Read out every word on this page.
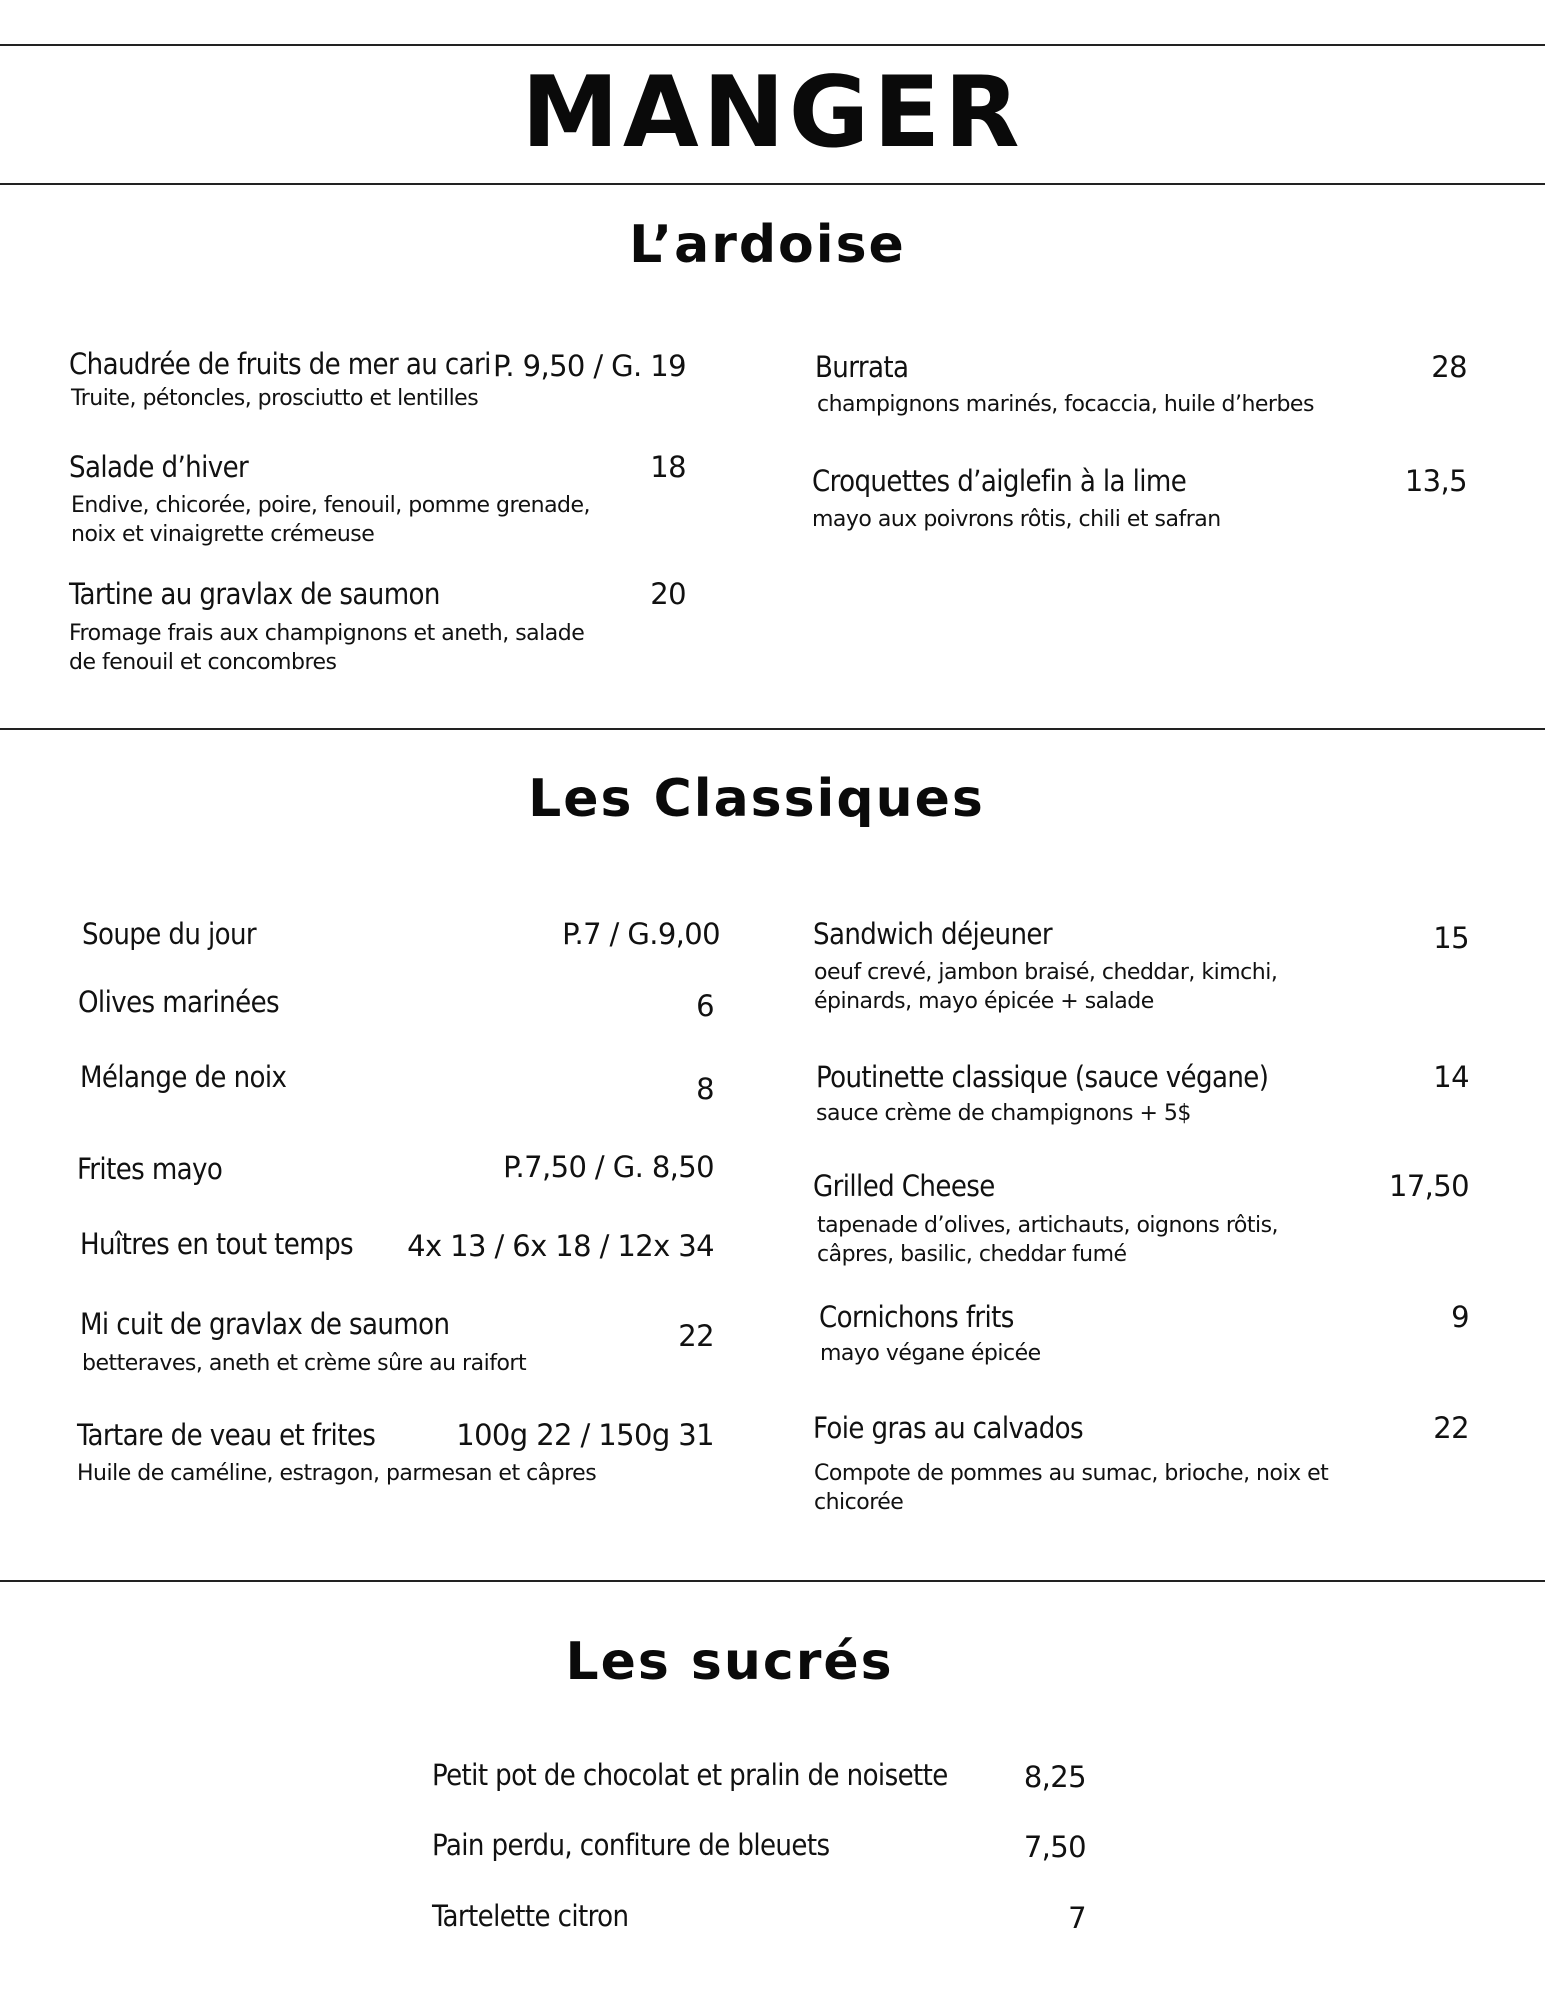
MANGER
L’ardoise
Chaudrée de fruits de mer au cari P. 9,50 / G. 19
Truite, pétoncles, prosciutto et lentilles
Salade d’hiver	18
Endive, chicorée, poire, fenouil, pomme grenade, noix et vinaigrette crémeuse
Tartine au gravlax de saumon	20
Fromage frais aux champignons et aneth, salade de fenouil et concombres
Burrata	28
champignons marinés, focaccia, huile d’herbes
Croquettes d’aiglefin à la lime	13,5
mayo aux poivrons rôtis, chili et safran
Les Classiques
Soupe du jour	P.7 / G.9,00
Olives marinées	6
Mélange de noix	8
Frites mayo	P.7,50 / G. 8,50
Huîtres en tout temps 4x 13 / 6x 18 / 12x 34
Mi cuit de gravlax de saumon	22
betteraves, aneth et crème sûre au raifort
Tartare de veau et frites	100g 22 / 150g 31
Huile de caméline, estragon, parmesan et câpres
Sandwich déjeuner	15
oeuf crevé, jambon braisé, cheddar, kimchi, épinards, mayo épicée + salade
Poutinette classique (sauce végane)	14
sauce crème de champignons + 5$
Grilled Cheese	17,50
tapenade d’olives, artichauts, oignons rôtis, câpres, basilic, cheddar fumé
Cornichons frits	9
mayo végane épicée
Foie gras au calvados	22
Compote de pommes au sumac, brioche, noix et chicorée
Les sucrés
Petit pot de chocolat et pralin de noisette	8,25
Pain perdu, confiture de bleuets	7,50
Tartelette citron	7
